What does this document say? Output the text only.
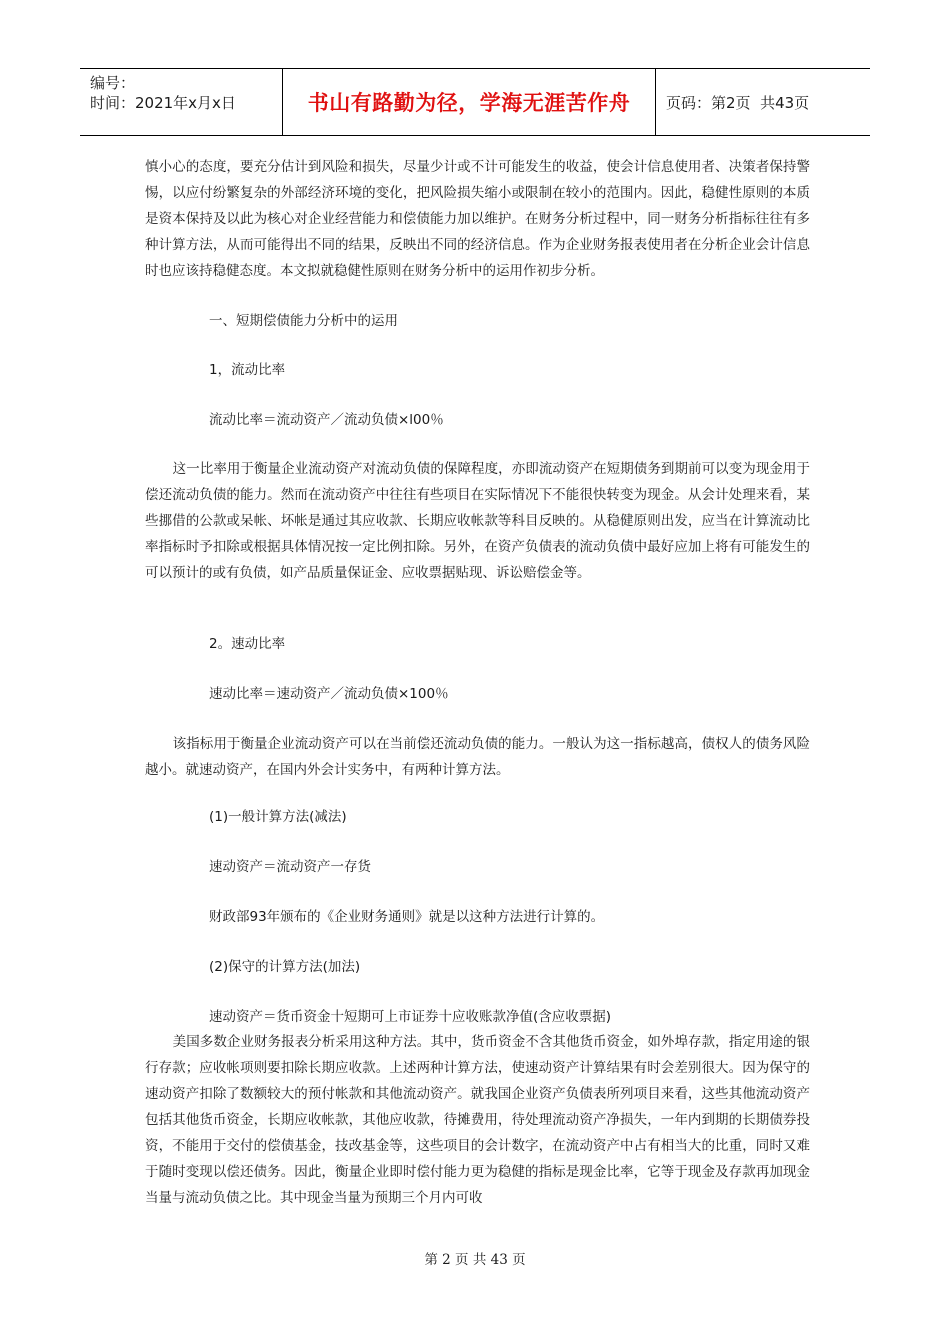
编号：
时间：2021年x月x日	书山有路勤为径，学海无涯苦作舟	页码：第2页  共43页
慎小心的态度，要充分估计到风险和损失，尽量少计或不计可能发生的收益，使会计信息使用者、决策者保持警惕，以应付纷繁复杂的外部经济环境的变化，把风险损失缩小或限制在较小的范围内。因此，稳健性原则的本质是资本保持及以此为核心对企业经营能力和偿债能力加以维护。在财务分析过程中，同一财务分析指标往往有多种计算方法，从而可能得出不同的结果，反映出不同的经济信息。作为企业财务报表使用者在分析企业会计信息时也应该持稳健态度。本文拟就稳健性原则在财务分析中的运用作初步分析。
一、短期偿债能力分析中的运用
1，流动比率
流动比率＝流动资产／流动负债×l00％
这一比率用于衡量企业流动资产对流动负债的保障程度，亦即流动资产在短期债务到期前可以变为现金用于偿还流动负债的能力。然而在流动资产中往往有些项目在实际情况下不能很快转变为现金。从会计处理来看，某些挪借的公款或呆帐、坏帐是通过其应收款、长期应收帐款等科目反映的。从稳健原则出发，应当在计算流动比率指标时予扣除或根据具体情况按一定比例扣除。另外，在资产负债表的流动负债中最好应加上将有可能发生的可以预计的或有负债，如产品质量保证金、应收票据贴现、诉讼赔偿金等。
2。速动比率
速动比率＝速动资产／流动负债×100％
该指标用于衡量企业流动资产可以在当前偿还流动负债的能力。一般认为这一指标越高，债权人的债务风险越小。就速动资产，在国内外会计实务中，有两种计算方法。
(1)一般计算方法(减法)
速动资产＝流动资产一存货
财政部93年颁布的《企业财务通则》就是以这种方法进行计算的。
(2)保守的计算方法(加法)
速动资产＝货币资金十短期可上市证券十应收账款净值(含应收票据)
美国多数企业财务报表分析采用这种方法。其中，货币资金不含其他货币资金，如外埠存款，指定用途的银行存款；应收帐项则要扣除长期应收款。上述两种计算方法，使速动资产计算结果有时会差别很大。因为保守的速动资产扣除了数额较大的预付帐款和其他流动资产。就我国企业资产负债表所列项目来看，这些其他流动资产包括其他货币资金，长期应收帐款，其他应收款，待摊费用，待处理流动资产净损失，一年内到期的长期债券投资，不能用于交付的偿债基金，技改基金等，这些项目的会计数字，在流动资产中占有相当大的比重，同时又难于随时变现以偿还债务。因此，衡量企业即时偿付能力更为稳健的指标是现金比率，它等于现金及存款再加现金当量与流动负债之比。其中现金当量为预期三个月内可收
第 2 页 共 43 页
